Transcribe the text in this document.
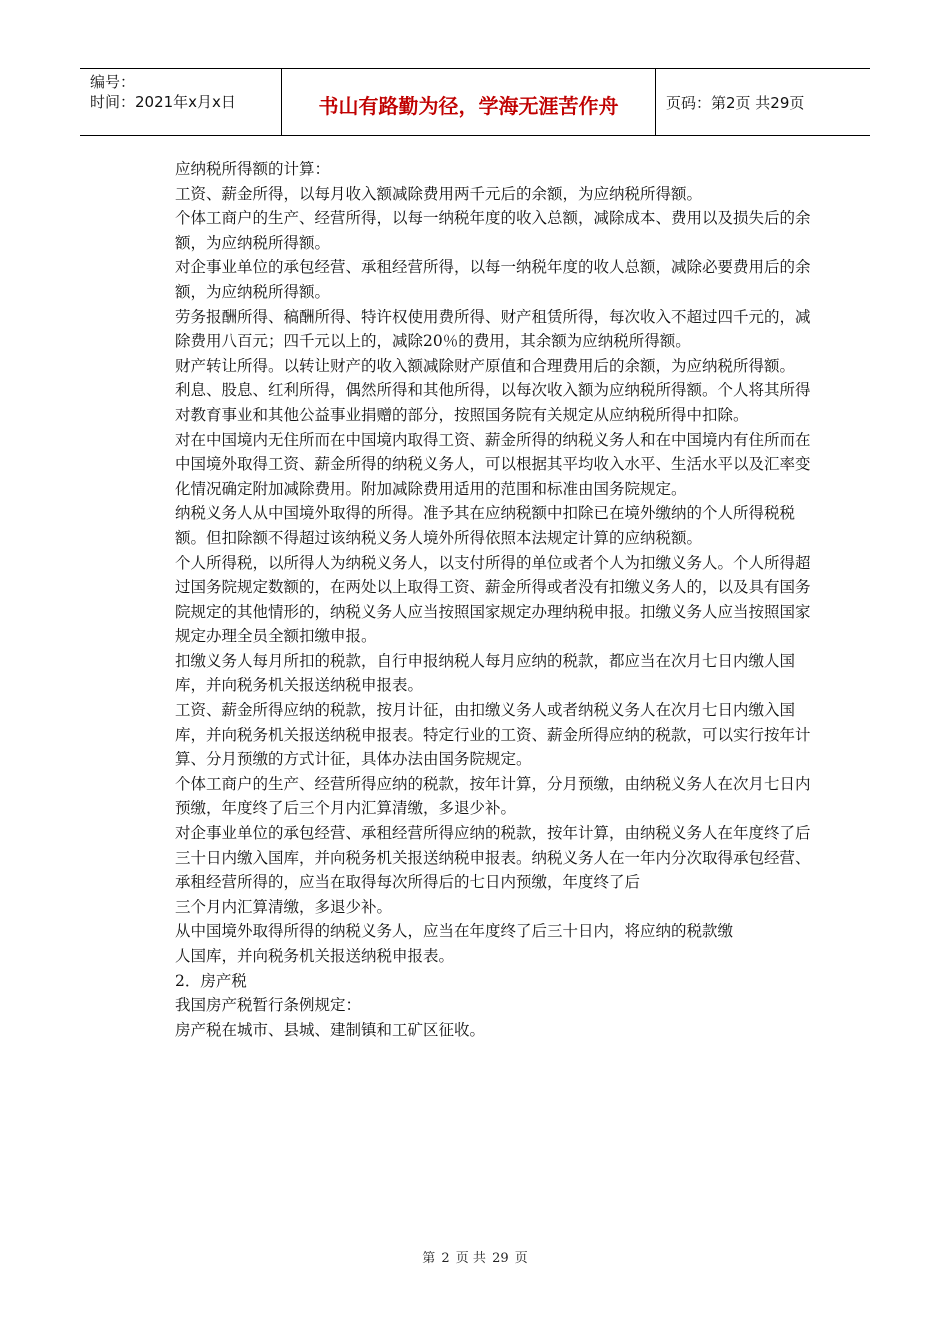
编号：
时间：2021年x月x日	书山有路勤为径，学海无涯苦作舟	页码：第2页 共29页

应纳税所得额的计算：

工资、薪金所得，以每月收入额减除费用两千元后的余额，为应纳税所得额。

个体工商户的生产、经营所得，以每一纳税年度的收入总额，减除成本、费用以及损失后的余额，为应纳税所得额。

对企事业单位的承包经营、承租经营所得，以每一纳税年度的收人总额，减除必要费用后的余额，为应纳税所得额。

劳务报酬所得、稿酬所得、特许权使用费所得、财产租赁所得，每次收入不超过四千元的，减除费用八百元；四千元以上的，减除20％的费用，其余额为应纳税所得额。

财产转让所得。以转让财产的收入额减除财产原值和合理费用后的余额，为应纳税所得额。

利息、股息、红利所得，偶然所得和其他所得，以每次收入额为应纳税所得额。个人将其所得对教育事业和其他公益事业捐赠的部分，按照国务院有关规定从应纳税所得中扣除。

对在中国境内无住所而在中国境内取得工资、薪金所得的纳税义务人和在中国境内有住所而在中国境外取得工资、薪金所得的纳税义务人，可以根据其平均收入水平、生活水平以及汇率变化情况确定附加减除费用。附加减除费用适用的范围和标准由国务院规定。

纳税义务人从中国境外取得的所得。准予其在应纳税额中扣除已在境外缴纳的个人所得税税额。但扣除额不得超过该纳税义务人境外所得依照本法规定计算的应纳税额。

个人所得税，以所得人为纳税义务人，以支付所得的单位或者个人为扣缴义务人。个人所得超过国务院规定数额的，在两处以上取得工资、薪金所得或者没有扣缴义务人的，以及具有国务院规定的其他情形的，纳税义务人应当按照国家规定办理纳税申报。扣缴义务人应当按照国家规定办理全员全额扣缴申报。

扣缴义务人每月所扣的税款，自行申报纳税人每月应纳的税款，都应当在次月七日内缴人国库，并向税务机关报送纳税申报表。

工资、薪金所得应纳的税款，按月计征，由扣缴义务人或者纳税义务人在次月七日内缴入国库，并向税务机关报送纳税申报表。特定行业的工资、薪金所得应纳的税款，可以实行按年计算、分月预缴的方式计征，具体办法由国务院规定。

个体工商户的生产、经营所得应纳的税款，按年计算，分月预缴，由纳税义务人在次月七日内预缴，年度终了后三个月内汇算清缴，多退少补。

对企事业单位的承包经营、承租经营所得应纳的税款，按年计算，由纳税义务人在年度终了后三十日内缴入国库，并向税务机关报送纳税申报表。纳税义务人在一年内分次取得承包经营、承租经营所得的，应当在取得每次所得后的七日内预缴，年度终了后

三个月内汇算清缴，多退少补。

从中国境外取得所得的纳税义务人，应当在年度终了后三十日内，将应纳的税款缴

人国库，并向税务机关报送纳税申报表。

2．房产税

我国房产税暂行条例规定：

房产税在城市、县城、建制镇和工矿区征收。

第 2 页 共 29 页
